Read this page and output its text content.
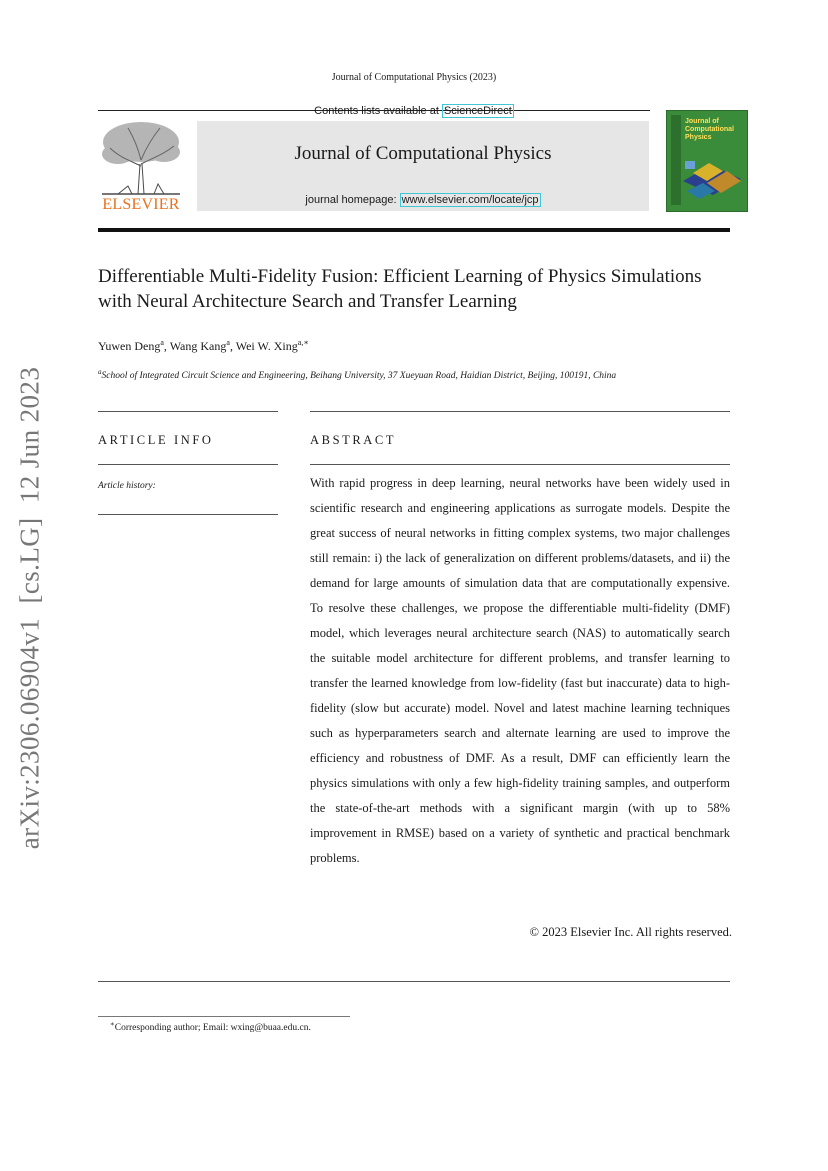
Journal of Computational Physics (2023)
Contents lists available at ScienceDirect
ELSEVIER
Journal of Computational Physics
journal homepage: www.elsevier.com/locate/jcp
Journal of Computational Physics
Differentiable Multi-Fidelity Fusion: Efficient Learning of Physics Simulations
with Neural Architecture Search and Transfer Learning
Yuwen Deng$^a$, Wang Kang$^a$, Wei W. Xing$^{a,∗}$
$^a$School of Integrated Circuit Science and Engineering, Beihang University, 37 Xueyuan Road, Haidian District, Beijing, 100191, China
ARTICLE INFO
Article history:
ABSTRACT

With rapid progress in deep learning, neural networks have been widely used in scientific research and engineering applications as surrogate models. Despite the great success of neural networks in fitting complex systems, two major challenges still remain: i) the lack of generalization on different problems/datasets, and ii) the demand for large amounts of simulation data that are computationally expensive. To resolve these challenges, we propose the differentiable multi-fidelity (DMF) model, which leverages neural architecture search (NAS) to automatically search the suitable model architecture for different problems, and transfer learning to transfer the learned knowledge from low-fidelity (fast but inaccurate) data to high-fidelity (slow but accurate) model. Novel and latest machine learning techniques such as hyperparameters search and alternate learning are used to improve the efficiency and robustness of DMF. As a result, DMF can efficiently learn the physics simulations with only a few high-fidelity training samples, and outperform the state-of-the-art methods with a significant margin (with up to 58% improvement in RMSE) based on a variety of synthetic and practical benchmark problems.

© 2023 Elsevier Inc. All rights reserved.
∗Corresponding author; Email: wxing@buaa.edu.cn.
arXiv:2306.06904v1  [cs.LG]  12 Jun 2023
